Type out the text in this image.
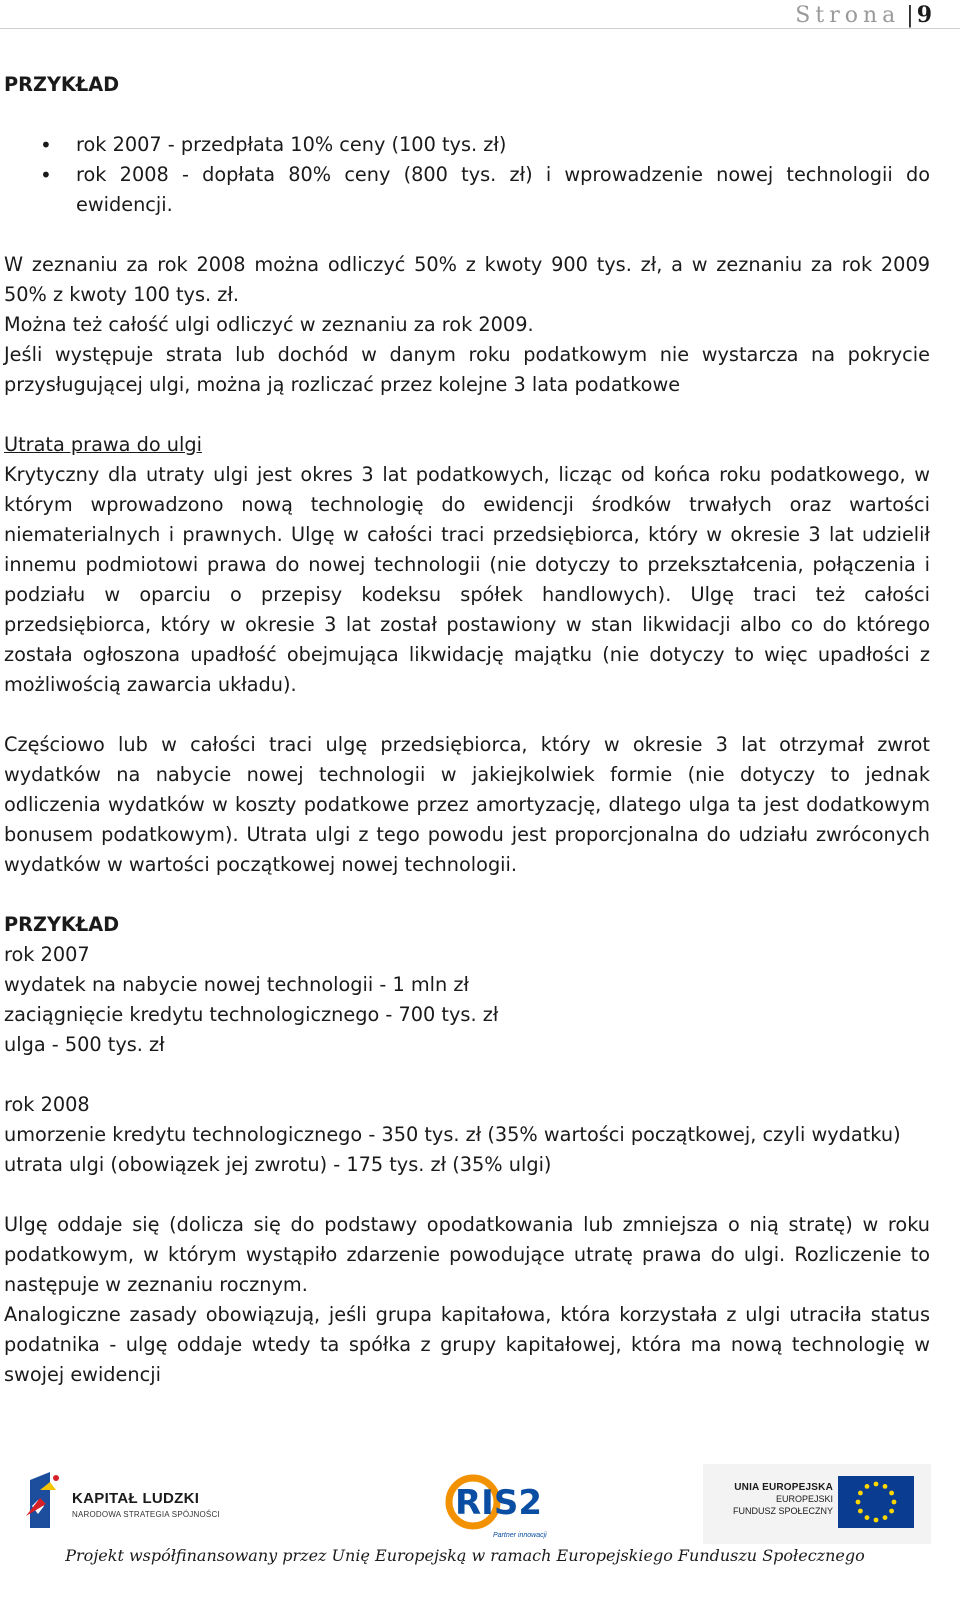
Strona | 9
PRZYKŁAD
• rok 2007 - przedpłata 10% ceny (100 tys. zł)
• rok 2008 - dopłata 80% ceny (800 tys. zł) i wprowadzenie nowej technologii do ewidencji.

W zeznaniu za rok 2008 można odliczyć 50% z kwoty 900 tys. zł, a w zeznaniu za rok 2009 50% z kwoty 100 tys. zł.

Można też całość ulgi odliczyć w zeznaniu za rok 2009.

Jeśli występuje strata lub dochód w danym roku podatkowym nie wystarcza na pokrycie przysługującej ulgi, można ją rozliczać przez kolejne 3 lata podatkowe

Utrata prawa do ulgi

Krytyczny dla utraty ulgi jest okres 3 lat podatkowych, licząc od końca roku podatkowego, w którym wprowadzono nową technologię do ewidencji środków trwałych oraz wartości niematerialnych i prawnych. Ulgę w całości traci przedsiębiorca, który w okresie 3 lat udzielił innemu podmiotowi prawa do nowej technologii (nie dotyczy to przekształcenia, połączenia i podziału w oparciu o przepisy kodeksu spółek handlowych). Ulgę traci też całości przedsiębiorca, który w okresie 3 lat został postawiony w stan likwidacji albo co do którego została ogłoszona upadłość obejmująca likwidację majątku (nie dotyczy to więc upadłości z możliwością zawarcia układu).

Częściowo lub w całości traci ulgę przedsiębiorca, który w okresie 3 lat otrzymał zwrot wydatków na nabycie nowej technologii w jakiejkolwiek formie (nie dotyczy to jednak odliczenia wydatków w koszty podatkowe przez amortyzację, dlatego ulga ta jest dodatkowym bonusem podatkowym). Utrata ulgi z tego powodu jest proporcjonalna do udziału zwróconych wydatków w wartości początkowej nowej technologii.

PRZYKŁAD
rok 2007
wydatek na nabycie nowej technologii - 1 mln zł
zaciągnięcie kredytu technologicznego - 700 tys. zł
ulga - 500 tys. zł
rok 2008
umorzenie kredytu technologicznego - 350 tys. zł (35% wartości początkowej, czyli wydatku)
utrata ulgi (obowiązek jej zwrotu) - 175 tys. zł (35% ulgi)

Ulgę oddaje się (dolicza się do podstawy opodatkowania lub zmniejsza o nią stratę) w roku podatkowym, w którym wystąpiło zdarzenie powodujące utratę prawa do ulgi. Rozliczenie to następuje w zeznaniu rocznym.

Analogiczne zasady obowiązują, jeśli grupa kapitałowa, która korzystała z ulgi utraciła status podatnika - ulgę oddaje wtedy ta spółka z grupy kapitałowej, która ma nową technologię w swojej ewidencji

KAPITAŁ LUDZKI
NARODOWA STRATEGIA SPÓJNOŚCI	RIS2
Partner innowacji
UNIA EUROPEJSKA
EUROPEJSKI
FUNDUSZ SPOŁECZNY
Projekt współfinansowany przez Unię Europejską w ramach Europejskiego Funduszu Społecznego
